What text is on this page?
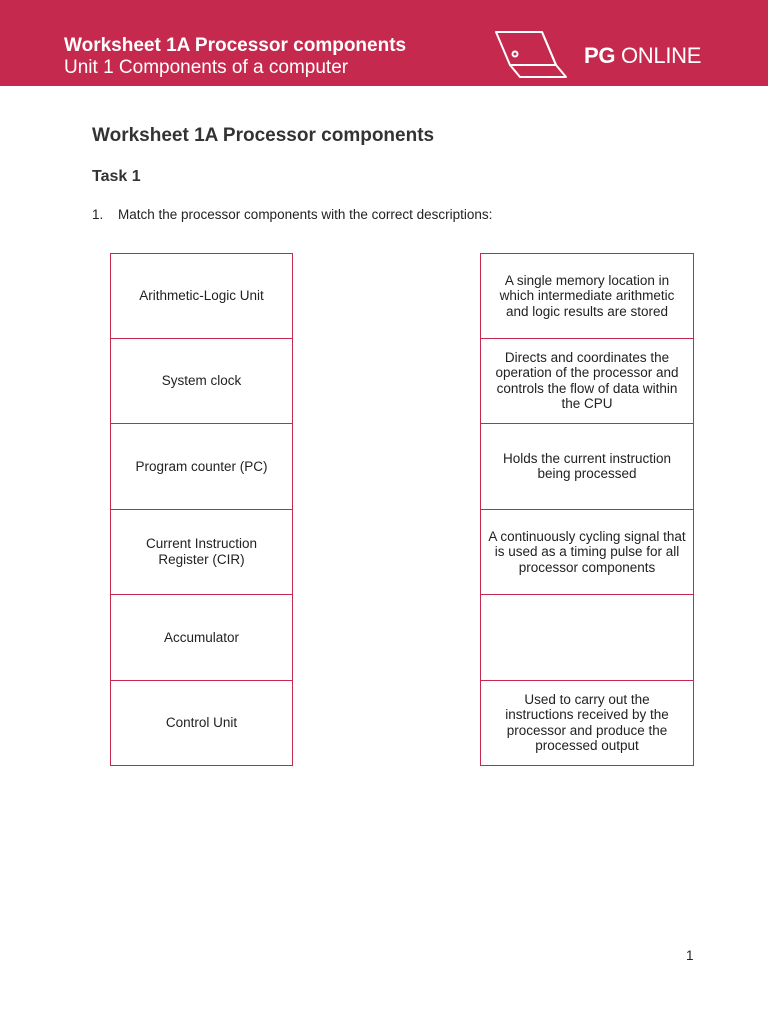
Worksheet 1A Processor components
Unit 1 Components of a computer	PG ONLINE
Worksheet 1A Processor components
Task 1
1. Match the processor components with the correct descriptions:
Arithmetic-Logic Unit
System clock
Program counter (PC)
Current Instruction Register (CIR)
Accumulator
Control Unit
A single memory location in which intermediate arithmetic and logic results are stored
Directs and coordinates the operation of the processor and controls the flow of data within the CPU
Holds the current instruction being processed
A continuously cycling signal that is used as a timing pulse for all processor components
Used to carry out the instructions received by the processor and produce the processed output
1
